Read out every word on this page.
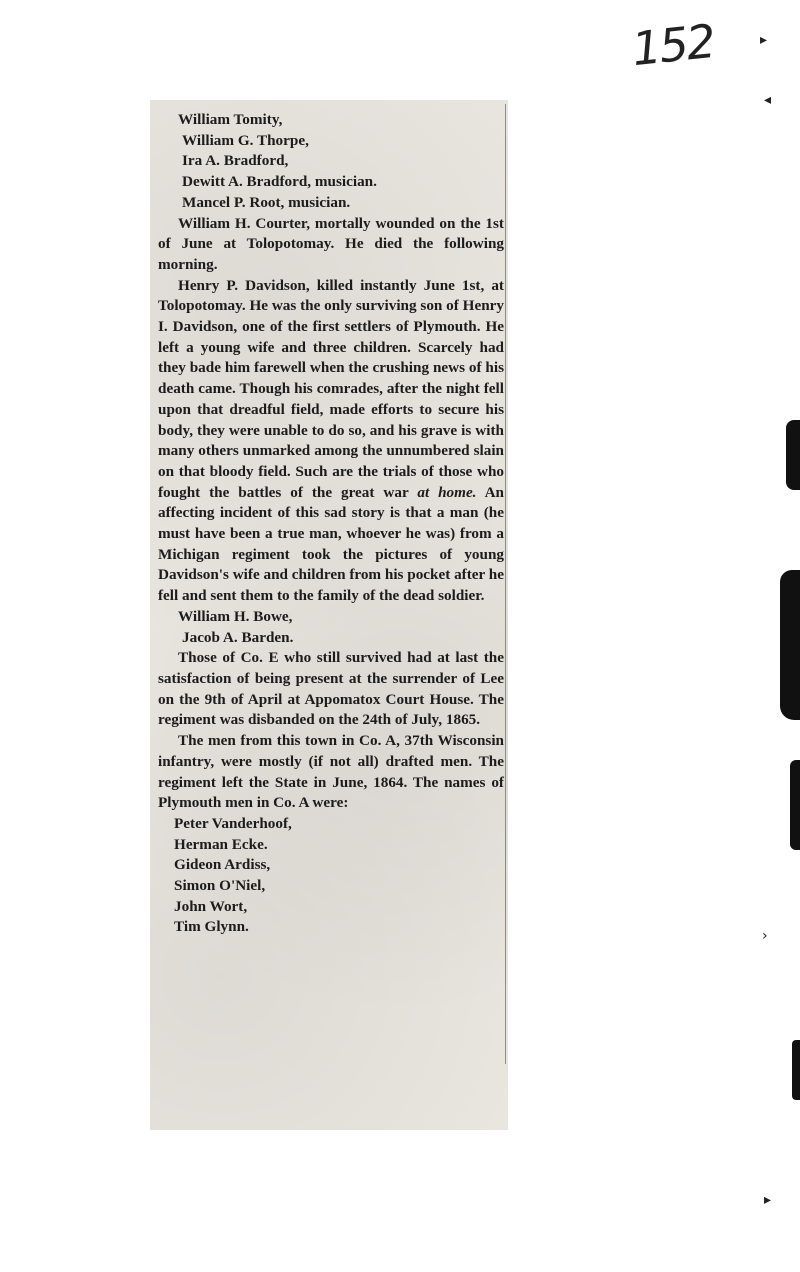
152

William Tomity,

William G. Thorpe,

Ira A. Bradford,

Dewitt A. Bradford, musician.

Mancel P. Root, musician.

William H. Courter, mortally wounded on the 1st of June at Tolopotomay. He died the following morning.

Henry P. Davidson, killed instantly June 1st, at Tolopotomay. He was the only surviving son of Henry I. Davidson, one of the first settlers of Plymouth. He left a young wife and three children. Scarcely had they bade him farewell when the crushing news of his death came. Though his comrades, after the night fell upon that dreadful field, made efforts to secure his body, they were unable to do so, and his grave is with many others unmarked among the unnumbered slain on that bloody field. Such are the trials of those who fought the battles of the great war at home. An affecting incident of this sad story is that a man (he must have been a true man, whoever he was) from a Michigan regiment took the pictures of young Davidson's wife and children from his pocket after he fell and sent them to the family of the dead soldier.

William H. Bowe,

Jacob A. Barden.

Those of Co. E who still survived had at last the satisfaction of being present at the surrender of Lee on the 9th of April at Appomatox Court House. The regiment was disbanded on the 24th of July, 1865.

The men from this town in Co. A, 37th Wisconsin infantry, were mostly (if not all) drafted men. The regiment left the State in June, 1864. The names of Plymouth men in Co. A were:

Peter Vanderhoof,

Herman Ecke.

Gideon Ardiss,

Simon O'Niel,

John Wort,

Tim Glynn.

▸
◂
›
▸
